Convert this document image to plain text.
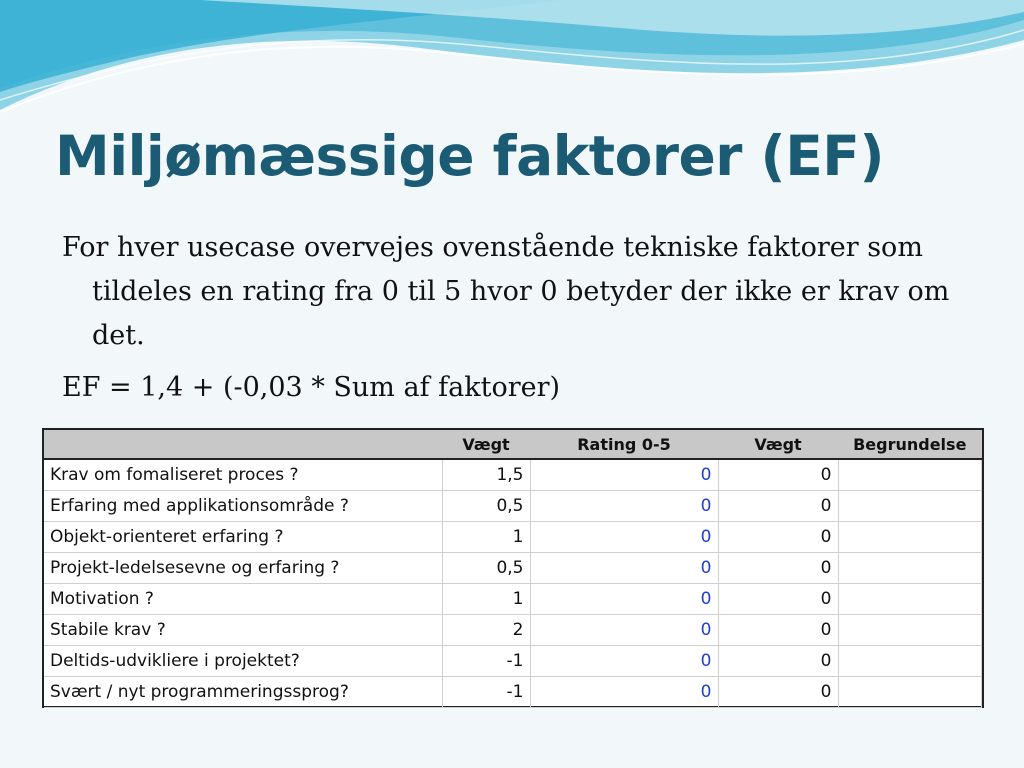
Miljømæssige faktorer (EF)
For hver usecase overvejes ovenstående tekniske faktorer som tildeles en rating fra 0 til 5 hvor 0 betyder der ikke er krav om det.
EF = 1,4 + (-0,03 * Sum af faktorer)
	Vægt	Rating 0-5	Vægt	Begrundelse
Krav om fomaliseret proces ?	1,5	0	0	
Erfaring med applikationsområde ?	0,5	0	0	
Objekt-orienteret erfaring ?	1	0	0	
Projekt-ledelsesevne og erfaring ?	0,5	0	0	
Motivation ?	1	0	0	
Stabile krav ?	2	0	0	
Deltids-udvikliere i projektet?	-1	0	0	
Svært / nyt programmeringssprog?	-1	0	0	
